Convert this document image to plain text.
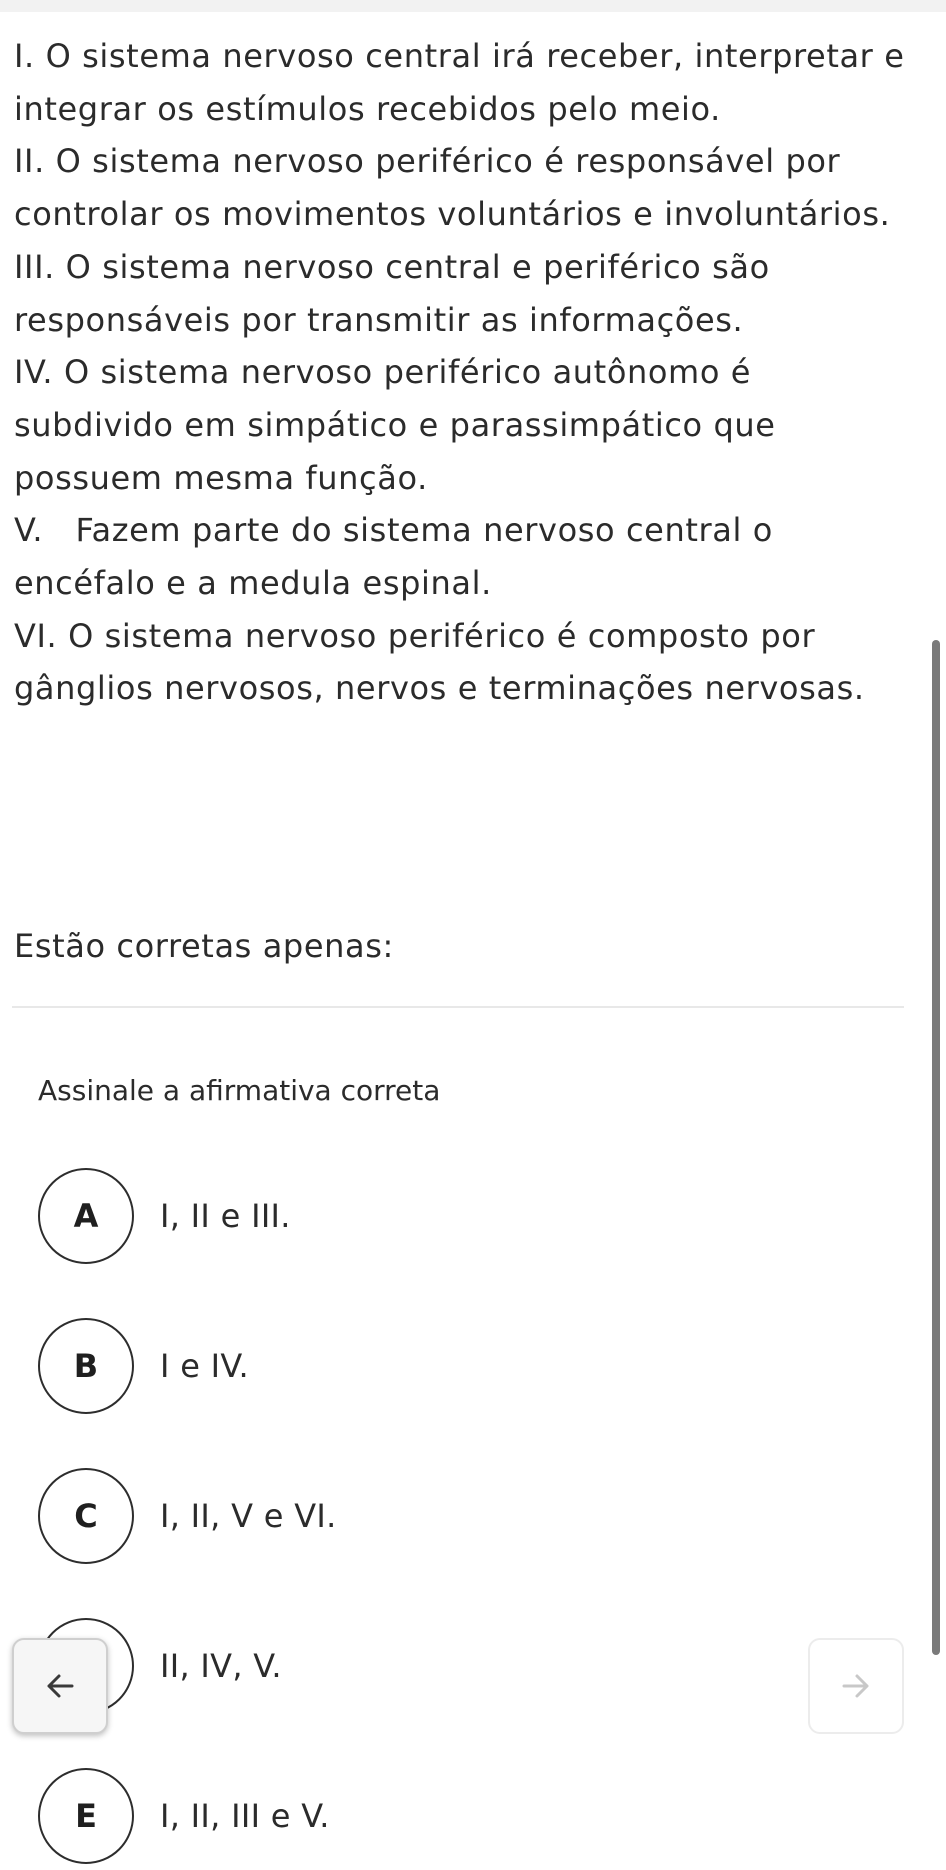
I. O sistema nervoso central irá receber, interpretar e integrar os estímulos recebidos pelo meio.

II. O sistema nervoso periférico é responsável por controlar os movimentos voluntários e involuntários.

III. O sistema nervoso central e periférico são responsáveis por transmitir as informações.

IV. O sistema nervoso periférico autônomo é subdivido em simpático e parassimpático que possuem mesma função.

V.   Fazem parte do sistema nervoso central o encéfalo e a medula espinal.

VI. O sistema nervoso periférico é composto por gânglios nervosos, nervos e terminações nervosas.

Estão corretas apenas:
Assinale a afirmativa correta
A	I, II e III.
B	I e IV.
C	I, II, V e VI.
II, IV, V.
E	I, II, III e V.
